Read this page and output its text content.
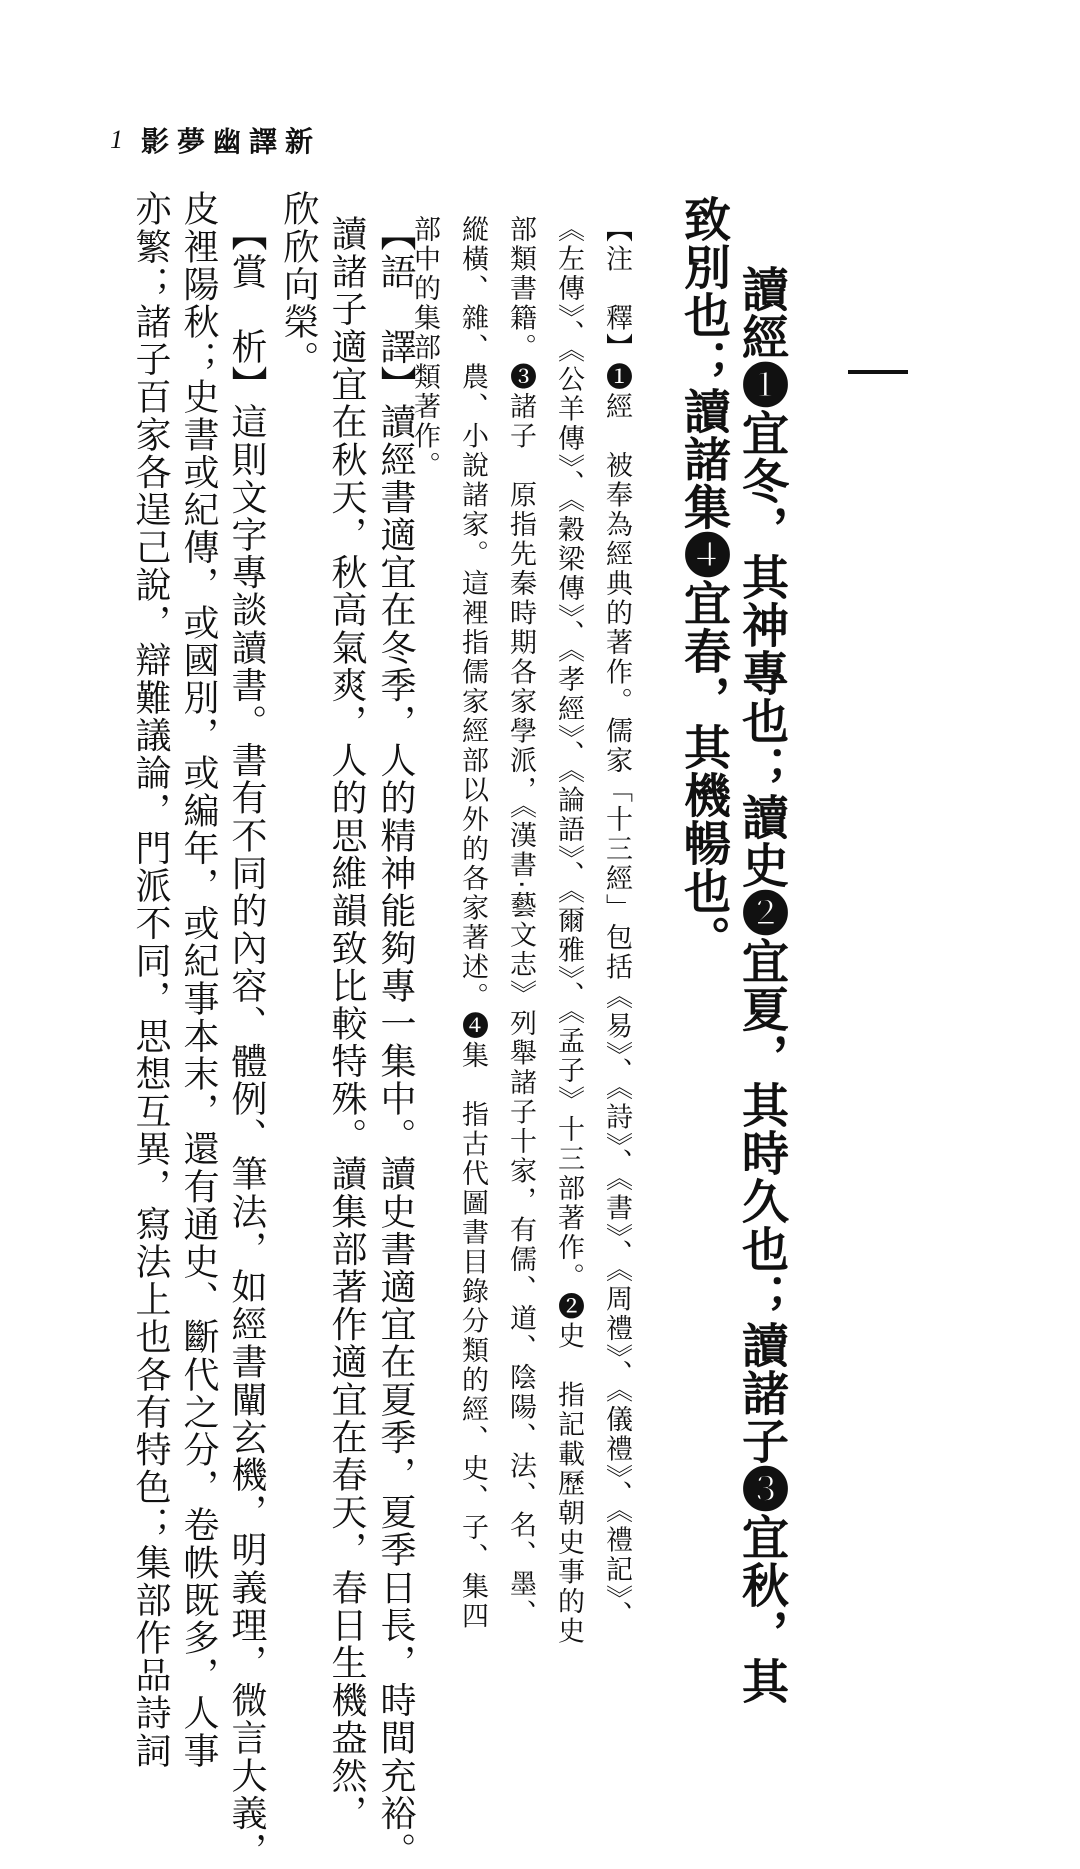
1 影夢幽譯新
讀經❶宜冬，其神專也；讀史❷宜夏，其時久也；讀諸子❸宜秋，其
致別也；讀諸集❹宜春，其機暢也。
【注　釋】❶經　被奉為經典的著作。儒家「十三經」包括《易》、《詩》、《書》、《周禮》、《儀禮》、《禮記》、
《左傳》、《公羊傳》、《穀梁傳》、《孝經》、《論語》、《爾雅》、《孟子》十三部著作。❷史　指記載歷朝史事的史
部類書籍。❸諸子　原指先秦時期各家學派，《漢書‧藝文志》列舉諸子十家，有儒、道、陰陽、法、名、墨、
縱橫、雜、農、小說諸家。這裡指儒家經部以外的各家著述。❹集　指古代圖書目錄分類的經、史、子、集四
部中的集部類著作。
【語　譯】讀經書適宜在冬季，人的精神能夠專一集中。讀史書適宜在夏季，夏季日長，時間充裕。
讀諸子適宜在秋天，秋高氣爽，人的思維韻致比較特殊。讀集部著作適宜在春天，春日生機盎然，
欣欣向榮。
【賞　析】這則文字專談讀書。書有不同的內容、體例、筆法，如經書闡玄機，明義理，微言大義，
皮裡陽秋；史書或紀傳，或國別，或編年，或紀事本末，還有通史、斷代之分，卷帙既多，人事
亦繁；諸子百家各逞己說，辯難議論，門派不同，思想互異，寫法上也各有特色；集部作品詩詞
